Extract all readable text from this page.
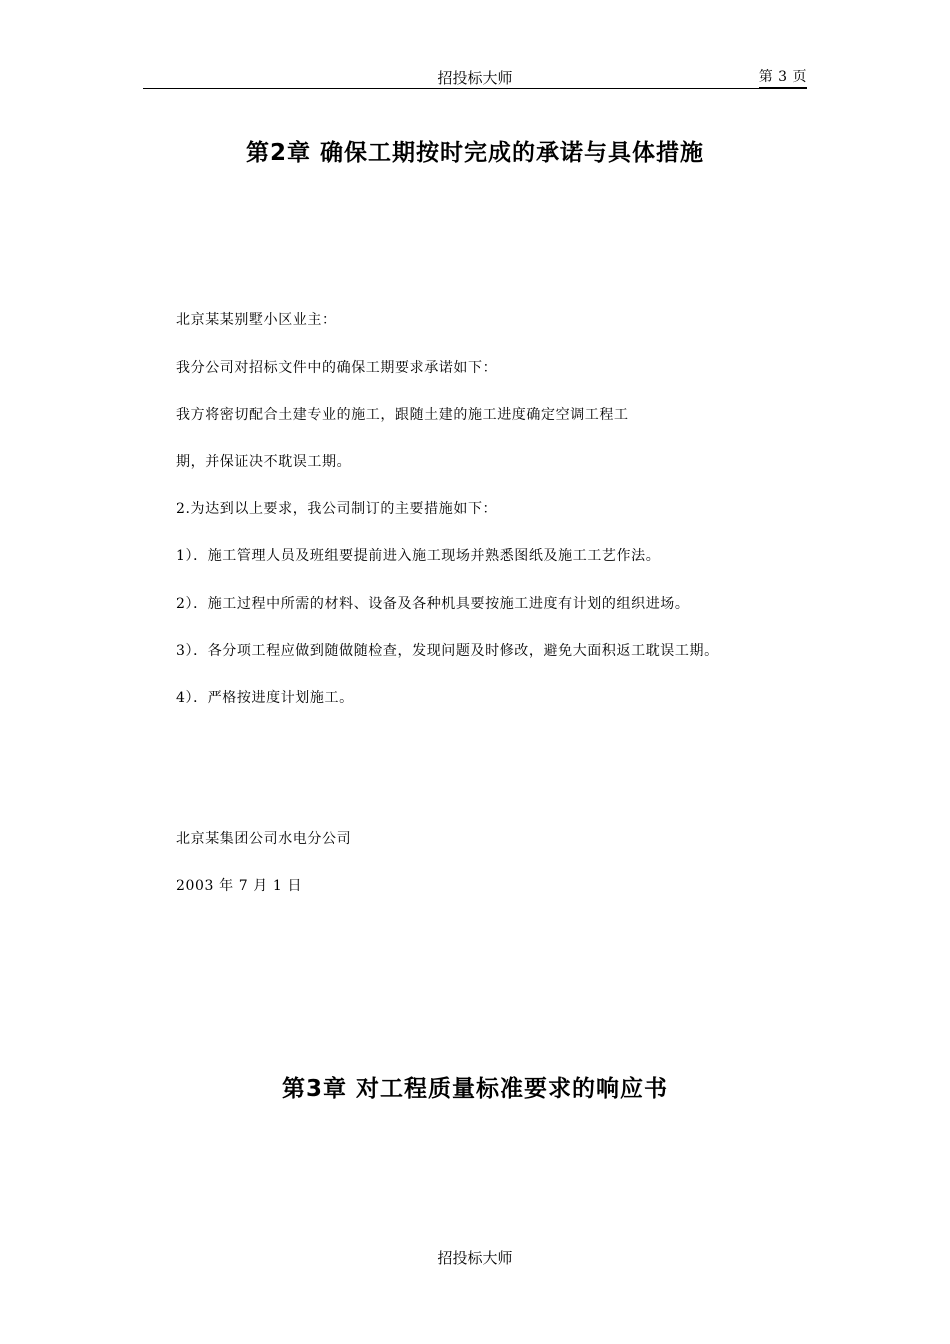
招投标大师	第 3 页
第2章 确保工期按时完成的承诺与具体措施
北京某某别墅小区业主：
我分公司对招标文件中的确保工期要求承诺如下：
我方将密切配合土建专业的施工，跟随土建的施工进度确定空调工程工
期，并保证决不耽误工期。
2.为达到以上要求，我公司制订的主要措施如下：
1）．施工管理人员及班组要提前进入施工现场并熟悉图纸及施工工艺作法。
2）．施工过程中所需的材料、设备及各种机具要按施工进度有计划的组织进场。
3）．各分项工程应做到随做随检查，发现问题及时修改，避免大面积返工耽误工期。
4）．严格按进度计划施工。
北京某集团公司水电分公司
2003 年 7 月 1 日
第3章 对工程质量标准要求的响应书
招投标大师
